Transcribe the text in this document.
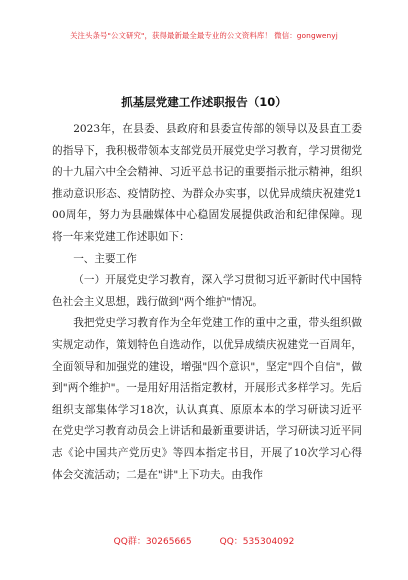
关注头条号"公文研究"，获得最新最全最专业的公文资料库！ 微信：gongwenyj
抓基层党建工作述职报告（10）

2023年，在县委、县政府和县委宣传部的领导以及县直工委的指导下，我积极带领本支部党员开展党史学习教育，学习贯彻党的十九届六中全会精神、习近平总书记的重要指示批示精神，组织推动意识形态、疫情防控、为群众办实事，以优异成绩庆祝建党100周年，努力为县融媒体中心稳固发展提供政治和纪律保障。现将一年来党建工作述职如下：

一、主要工作

（一）开展党史学习教育，深入学习贯彻习近平新时代中国特色社会主义思想，践行做到"两个维护"情况。

我把党史学习教育作为全年党建工作的重中之重，带头组织做实规定动作，策划特色自选动作，以优异成绩庆祝建党一百周年，全面领导和加强党的建设，增强"四个意识"，坚定"四个自信"，做到"两个维护"。一是用好用活指定教材，开展形式多样学习。先后组织支部集体学习18次，认认真真、原原本本的学习研读习近平在党史学习教育动员会上讲话和最新重要讲话，学习研读习近平同志《论中国共产党历史》等四本指定书目，开展了10次学习心得体会交流活动；二是在"讲"上下功夫。由我作

QQ群：30265665	QQ：535304092
